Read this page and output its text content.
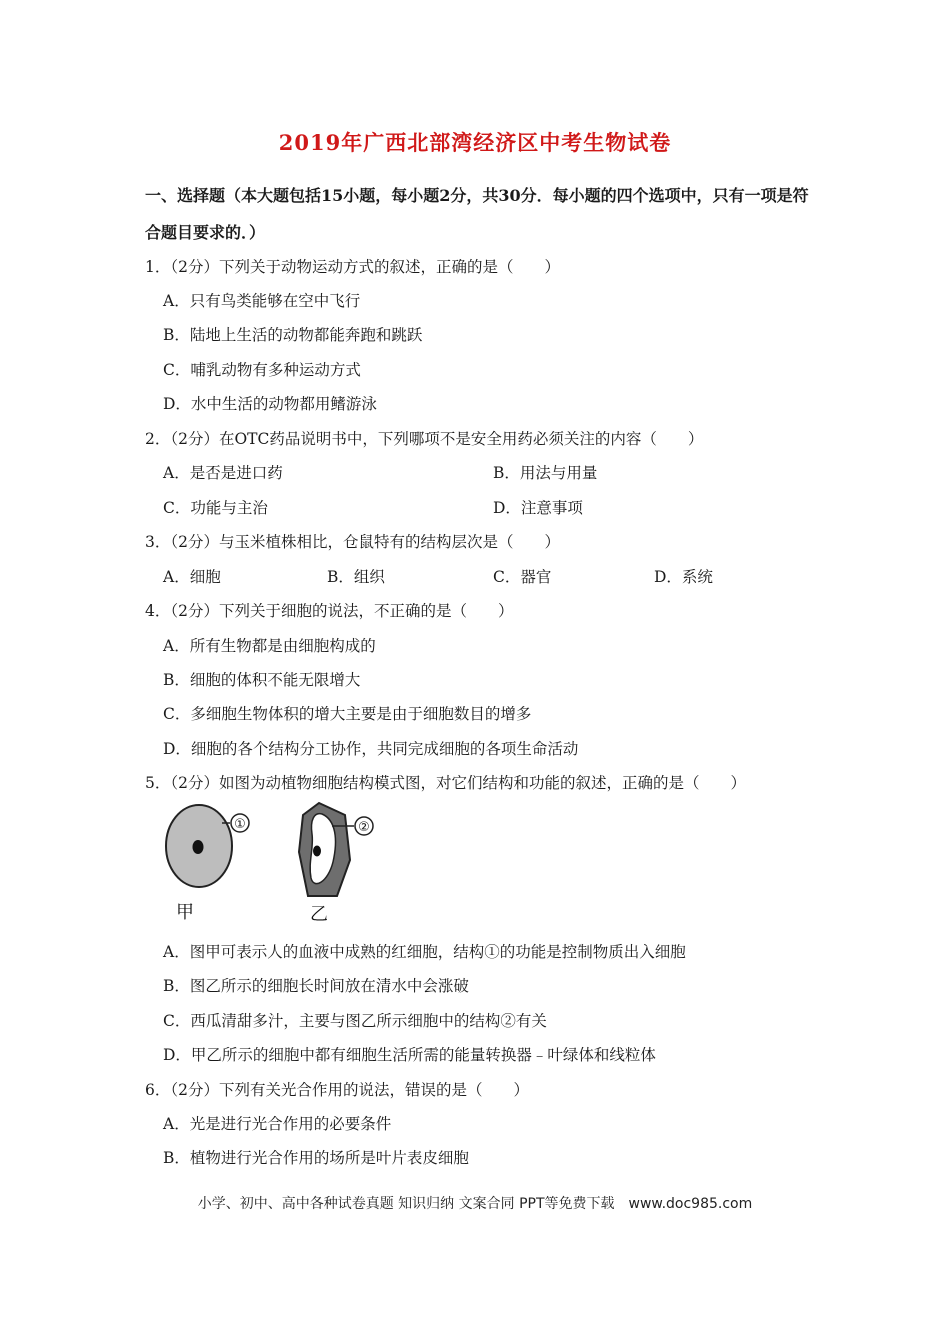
2019年广西北部湾经济区中考生物试卷
一、选择题（本大题包括15小题，每小题2分，共30分．每小题的四个选项中，只有一项是符合题目要求的．）
1．（2分）下列关于动物运动方式的叙述，正确的是（　　）
A．只有鸟类能够在空中飞行
B．陆地上生活的动物都能奔跑和跳跃
C．哺乳动物有多种运动方式
D．水中生活的动物都用鳍游泳
2．（2分）在OTC药品说明书中，下列哪项不是安全用药必须关注的内容（　　）
A．是否是进口药	B．用法与用量
C．功能与主治	D．注意事项
3．（2分）与玉米植株相比，仓鼠特有的结构层次是（　　）
A．细胞	B．组织	C．器官	D．系统
4．（2分）下列关于细胞的说法，不正确的是（　　）
A．所有生物都是由细胞构成的
B．细胞的体积不能无限增大
C．多细胞生物体积的增大主要是由于细胞数目的增多
D．细胞的各个结构分工协作，共同完成细胞的各项生命活动
5．（2分）如图为动植物细胞结构模式图，对它们结构和功能的叙述，正确的是（　　）
①	②
甲	乙
A．图甲可表示人的血液中成熟的红细胞，结构①的功能是控制物质出入细胞
B．图乙所示的细胞长时间放在清水中会涨破
C．西瓜清甜多汁，主要与图乙所示细胞中的结构②有关
D．甲乙所示的细胞中都有细胞生活所需的能量转换器﹣叶绿体和线粒体
6．（2分）下列有关光合作用的说法，错误的是（　　）
A．光是进行光合作用的必要条件
B．植物进行光合作用的场所是叶片表皮细胞
小学、初中、高中各种试卷真题 知识归纳 文案合同 PPT等免费下载　www.doc985.com
